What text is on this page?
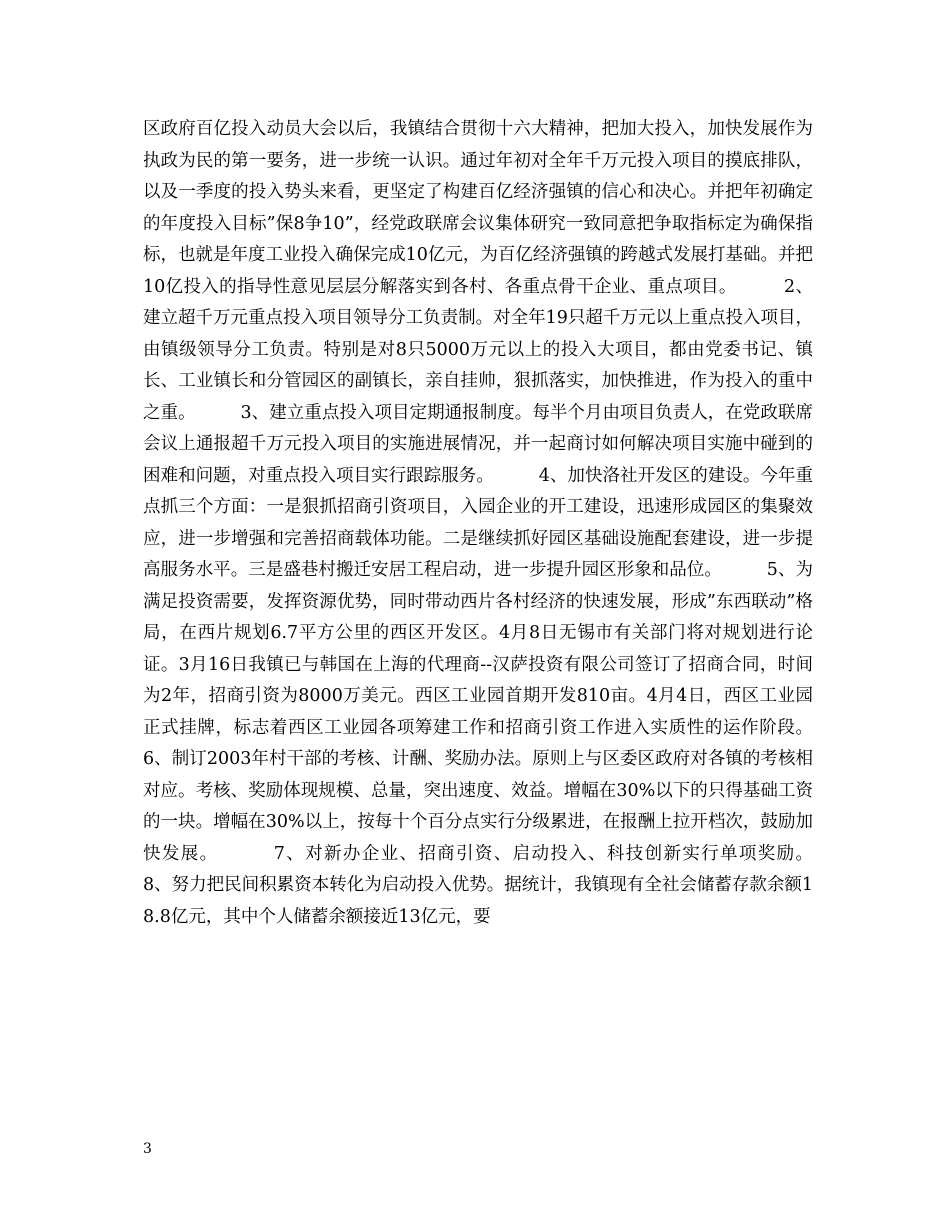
区政府百亿投入动员大会以后，我镇结合贯彻十六大精神，把加大投入，加快发展作为执政为民的第一要务，进一步统一认识。通过年初对全年千万元投入项目的摸底排队，以及一季度的投入势头来看，更坚定了构建百亿经济强镇的信心和决心。并把年初确定的年度投入目标”保8争10”，经党政联席会议集体研究一致同意把争取指标定为确保指标，也就是年度工业投入确保完成10亿元，为百亿经济强镇的跨越式发展打基础。并把10亿投入的指导性意见层层分解落实到各村、各重点骨干企业、重点项目。        2、建立超千万元重点投入项目领导分工负责制。对全年19只超千万元以上重点投入项目，由镇级领导分工负责。特别是对8只5000万元以上的投入大项目，都由党委书记、镇长、工业镇长和分管园区的副镇长，亲自挂帅，狠抓落实，加快推进，作为投入的重中之重。        3、建立重点投入项目定期通报制度。每半个月由项目负责人，在党政联席会议上通报超千万元投入项目的实施进展情况，并一起商讨如何解决项目实施中碰到的困难和问题，对重点投入项目实行跟踪服务。        4、加快洛社开发区的建设。今年重点抓三个方面：一是狠抓招商引资项目，入园企业的开工建设，迅速形成园区的集聚效应，进一步增强和完善招商载体功能。二是继续抓好园区基础设施配套建设，进一步提高服务水平。三是盛巷村搬迁安居工程启动，进一步提升园区形象和品位。        5、为满足投资需要，发挥资源优势，同时带动西片各村经济的快速发展，形成”东西联动”格局，在西片规划6.7平方公里的西区开发区。4月8日无锡市有关部门将对规划进行论证。3月16日我镇已与韩国在上海的代理商--汉萨投资有限公司签订了招商合同，时间为2年，招商引资为8000万美元。西区工业园首期开发810亩。4月4日，西区工业园正式挂牌，标志着西区工业园各项筹建工作和招商引资工作进入实质性的运作阶段。        6、制订2003年村干部的考核、计酬、奖励办法。原则上与区委区政府对各镇的考核相对应。考核、奖励体现规模、总量，突出速度、效益。增幅在30%以下的只得基础工资的一块。增幅在30%以上，按每十个百分点实行分级累进，在报酬上拉开档次，鼓励加快发展。        7、对新办企业、招商引资、启动投入、科技创新实行单项奖励。        8、努力把民间积累资本转化为启动投入优势。据统计，我镇现有全社会储蓄存款余额18.8亿元，其中个人储蓄余额接近13亿元，要

3
